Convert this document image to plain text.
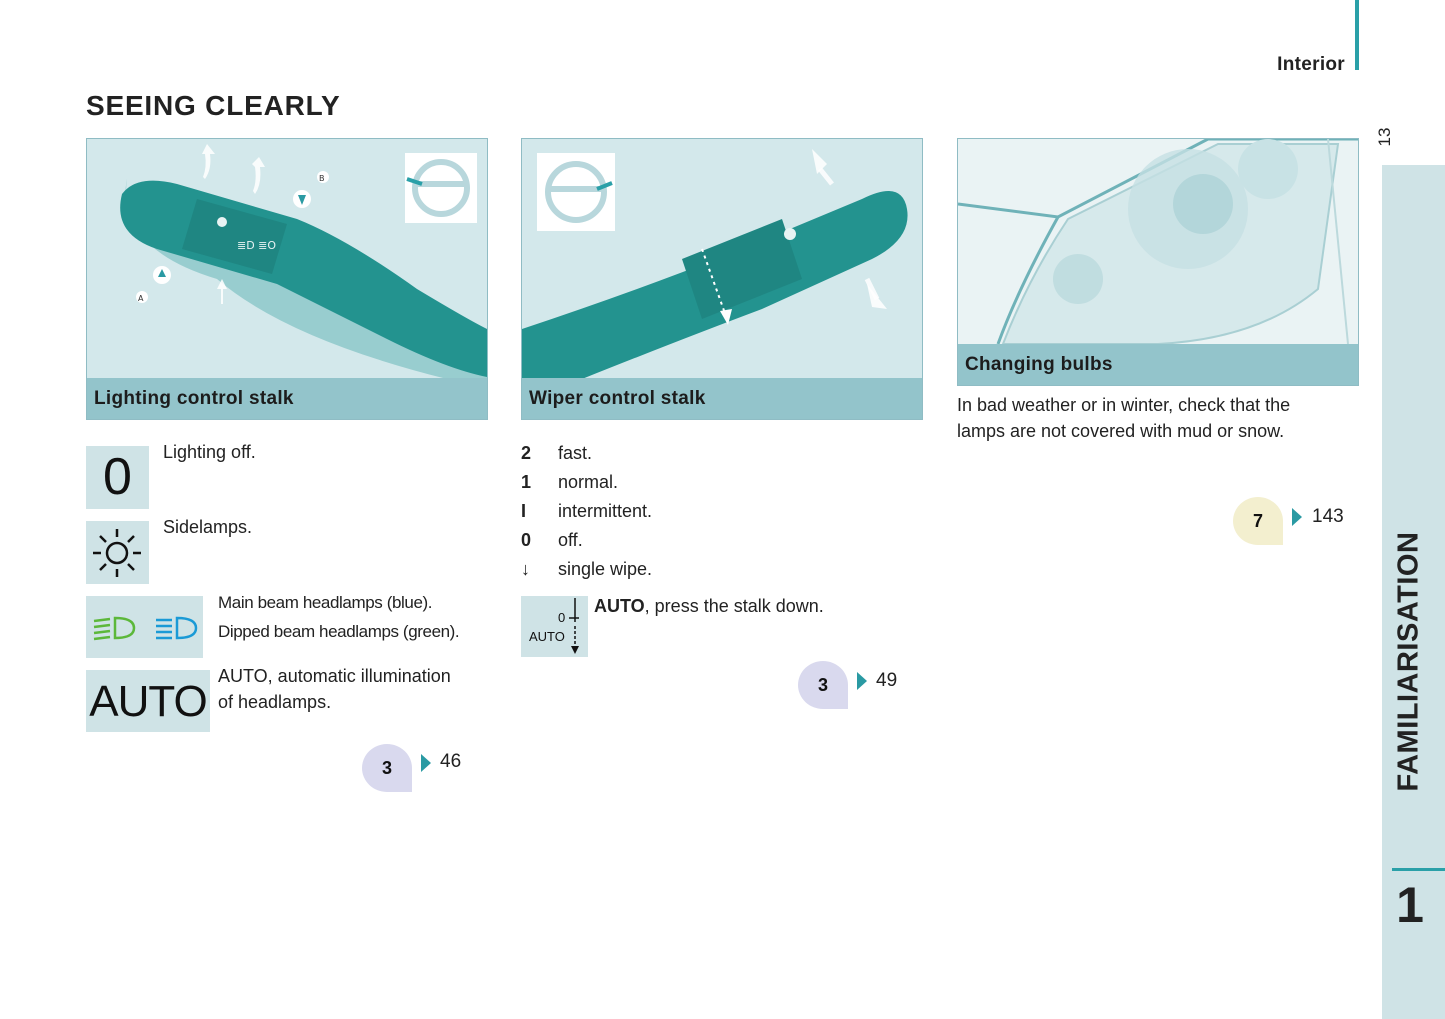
Interior
13
FAMILIARISATION
1
SEEING CLEARLY
≣D ≣O
A
B
Lighting control stalk	Wiper control stalk
Changing bulbs
0	Lighting off.
Sidelamps.
Main beam headlamps (blue).
Dipped beam headlamps (green).
AUTO
AUTO, automatic illumination
of headlamps.
3	46
2 fast.
1 normal.
I intermittent.
0 off.
↓ single wipe.
0
AUTO
AUTO, press the stalk down.
3	49
In bad weather or in winter, check that the
lamps are not covered with mud or snow.
7	143
